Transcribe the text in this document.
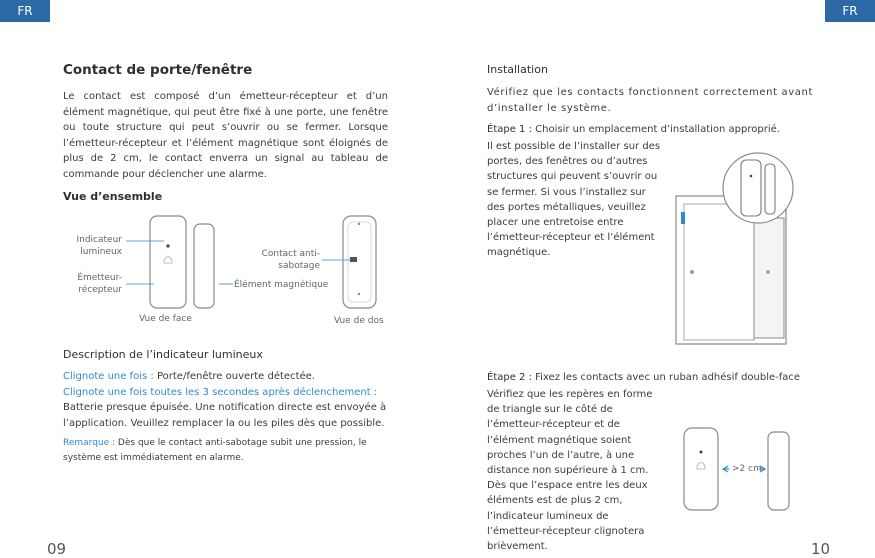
FR	FR
Contact de porte/fenêtre

Le contact est composé d’un émetteur-récepteur et d’un élément magnétique, qui peut être fixé à une porte, une fenêtre ou toute structure qui peut s’ouvrir ou se fermer. Lorsque l’émetteur-récepteur et l’élément magnétique sont éloignés de plus de 2 cm, le contact enverra un signal au tableau de commande pour déclencher une alarme.

Vue d’ensemble
Indicateur
lumineux
Émetteur-
récepteur
Contact anti-
sabotage
Élément magnétique
Vue de face	Vue de dos
Description de l’indicateur lumineux
Clignote une fois : Porte/fenêtre ouverte détectée.
Clignote une fois toutes les 3 secondes après déclenchement :
Batterie presque épuisée. Une notification directe est envoyée à l’application. Veuillez remplacer la ou les piles dès que possible.
Remarque : Dès que le contact anti-sabotage subit une pression, le système est immédiatement en alarme.
09
Installation

Vérifiez que les contacts fonctionnent correctement avant d’installer le système.

Étape 1 : Choisir un emplacement d’installation approprié.

Il est possible de l’installer sur des portes, des fenêtres ou d’autres structures qui peuvent s’ouvrir ou se fermer. Si vous l’installez sur des portes métalliques, veuillez placer une entretoise entre l’émetteur-récepteur et l’élément magnétique.

Étape 2 : Fixez les contacts avec un ruban adhésif double-face

Vérifiez que les repères en forme de triangle sur le côté de l’émetteur-récepteur et de l’élément magnétique soient proches l’un de l’autre, à une distance non supérieure à 1 cm. Dès que l’espace entre les deux éléments est de plus 2 cm, l’indicateur lumineux de l’émetteur-récepteur clignotera brièvement.

>2 cm
10
